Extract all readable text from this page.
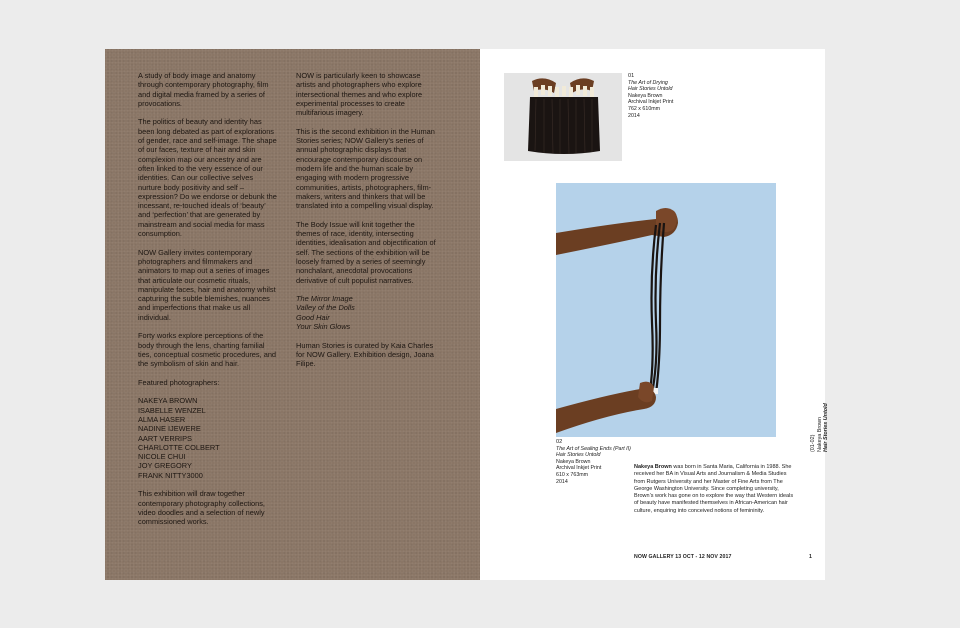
A study of body image and anatomy through contemporary photography, film and digital media framed by a series of provocations.

The politics of beauty and identity has been long debated as part of explorations of gender, race and self-image. The shape of our faces, texture of hair and skin complexion map our ancestry and are often linked to the very essence of our identities. Can our collective selves nurture body positivity and self – expression? Do we endorse or debunk the incessant, re-touched ideals of ‘beauty’ and ‘perfection’ that are generated by mainstream and social media for mass consumption.

NOW Gallery invites contemporary photographers and filmmakers and animators to map out a series of images that articulate our cosmetic rituals, manipulate faces, hair and anatomy whilst capturing the subtle blemishes, nuances and imperfections that make us all individual.

Forty works explore perceptions of the body through the lens, charting familial ties, conceptual cosmetic procedures, and the symbolism of skin and hair.

Featured photographers:

NAKEYA BROWN
ISABELLE WENZEL
ALMA HASER
NADINE IJEWERE
AART VERRIPS
CHARLOTTE COLBERT
NICOLE CHUI
JOY GREGORY
FRANK NITTY3000

This exhibition will draw together contemporary photography collections, video doodles and a selection of newly commissioned works.

NOW is particularly keen to showcase artists and photographers who explore intersectional themes and who explore experimental processes to create multifarious imagery.

This is the second exhibition in the Human Stories series; NOW Gallery’s series of annual photographic displays that encourage contemporary discourse on modern life and the human scale by engaging with modern progressive communities, artists, photographers, film-makers, writers and thinkers that will be translated into a compelling visual display.

The Body Issue will knit together the themes of race, identity, intersecting identities, idealisation and objectification of self. The sections of the exhibition will be loosely framed by a series of seemingly nonchalant, anecdotal provocations derivative of cult populist narratives.

The Mirror Image
Valley of the Dolls
Good Hair
Your Skin Glows

Human Stories is curated by Kaia Charles for NOW Gallery. Exhibition design, Joana Filipe.

01
The Art of Drying
Hair Stories Untold
Nakeya Brown
Archival Inkjet Print
762 x 610mm
2014
02
The Art of Sealing Ends (Part II)
Hair Stories Untold
Nakeya Brown
Archival Inkjet Print
610 x 763mm
2014
Nakeya Brown was born in Santa Maria, California in 1988. She received her BA in Visual Arts and Journalism & Media Studies from Rutgers University and her Master of Fine Arts from The George Washington University. Since completing university, Brown’s work has gone on to explore the way that Western ideals of beauty have manifested themselves in African-American hair culture, enquiring into conceived notions of femininity.
NOW GALLERY 13 OCT - 12 NOV 2017	1
(01-02) Nakeya Brown Hair Stories Untold
